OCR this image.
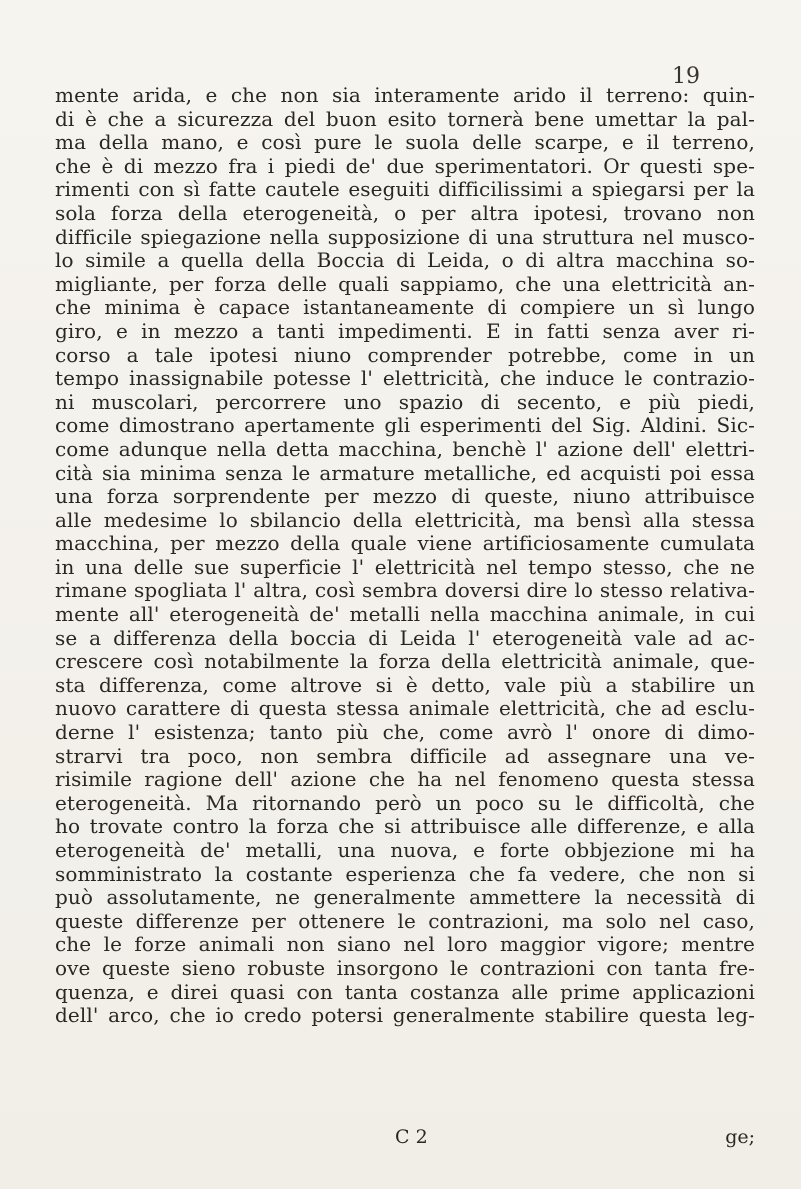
19
mente arida, e che non sia interamente arido il terreno: quin-
di è che a sicurezza del buon esito tornerà bene umettar la pal-
ma della mano, e così pure le suola delle scarpe, e il terreno,
che è di mezzo fra i piedi de' due sperimentatori. Or questi spe-
rimenti con sì fatte cautele eseguiti difficilissimi a spiegarsi per la
sola forza della eterogeneità, o per altra ipotesi, trovano non
difficile spiegazione nella supposizione di una struttura nel musco-
lo simile a quella della Boccia di Leida, o di altra macchina so-
migliante, per forza delle quali sappiamo, che una elettricità an-
che minima è capace istantaneamente di compiere un sì lungo
giro, e in mezzo a tanti impedimenti. E in fatti senza aver ri-
corso a tale ipotesi niuno comprender potrebbe, come in un
tempo inassignabile potesse l' elettricità, che induce le contrazio-
ni muscolari, percorrere uno spazio di secento, e più piedi,
come dimostrano apertamente gli esperimenti del Sig. Aldini. Sic-
come adunque nella detta macchina, benchè l' azione dell' elettri-
cità sia minima senza le armature metalliche, ed acquisti poi essa
una forza sorprendente per mezzo di queste, niuno attribuisce
alle medesime lo sbilancio della elettricità, ma bensì alla stessa
macchina, per mezzo della quale viene artificiosamente cumulata
in una delle sue superficie l' elettricità nel tempo stesso, che ne
rimane spogliata l' altra, così sembra doversi dire lo stesso relativa-
mente all' eterogeneità de' metalli nella macchina animale, in cui
se a differenza della boccia di Leida l' eterogeneità vale ad ac-
crescere così notabilmente la forza della elettricità animale, que-
sta differenza, come altrove si è detto, vale più a stabilire un
nuovo carattere di questa stessa animale elettricità, che ad esclu-
derne l' esistenza; tanto più che, come avrò l' onore di dimo-
strarvi tra poco, non sembra difficile ad assegnare una ve-
risimile ragione dell' azione che ha nel fenomeno questa stessa
eterogeneità. Ma ritornando però un poco su le difficoltà, che
ho trovate contro la forza che si attribuisce alle differenze, e alla
eterogeneità de' metalli, una nuova, e forte obbjezione mi ha
somministrato la costante esperienza che fa vedere, che non si
può assolutamente, ne generalmente ammettere la necessità di
queste differenze per ottenere le contrazioni, ma solo nel caso,
che le forze animali non siano nel loro maggior vigore; mentre
ove queste sieno robuste insorgono le contrazioni con tanta fre-
quenza, e direi quasi con tanta costanza alle prime applicazioni
dell' arco, che io credo potersi generalmente stabilire questa leg-
C 2	ge;
